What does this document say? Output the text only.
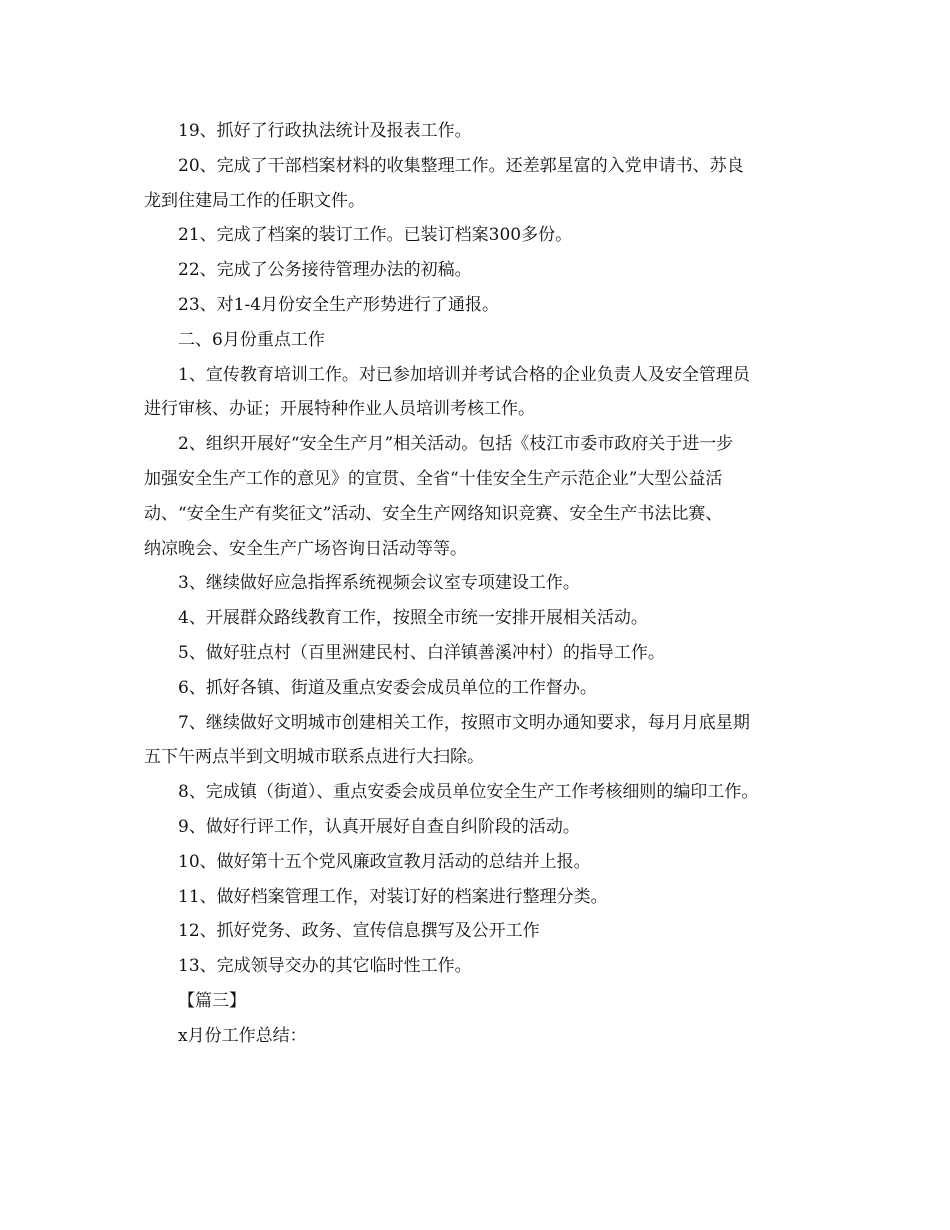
19、抓好了行政执法统计及报表工作。
20、完成了干部档案材料的收集整理工作。还差郭星富的入党申请书、苏良
龙到住建局工作的任职文件。
21、完成了档案的装订工作。已装订档案300多份。
22、完成了公务接待管理办法的初稿。
23、对1-4月份安全生产形势进行了通报。
二、6月份重点工作
1、宣传教育培训工作。对已参加培训并考试合格的企业负责人及安全管理员
进行审核、办证；开展特种作业人员培训考核工作。
2、组织开展好“安全生产月”相关活动。包括《枝江市委市政府关于进一步
加强安全生产工作的意见》的宣贯、全省“十佳安全生产示范企业”大型公益活
动、“安全生产有奖征文”活动、安全生产网络知识竞赛、安全生产书法比赛、
纳凉晚会、安全生产广场咨询日活动等等。
3、继续做好应急指挥系统视频会议室专项建设工作。
4、开展群众路线教育工作，按照全市统一安排开展相关活动。
5、做好驻点村（百里洲建民村、白洋镇善溪冲村）的指导工作。
6、抓好各镇、街道及重点安委会成员单位的工作督办。
7、继续做好文明城市创建相关工作，按照市文明办通知要求，每月月底星期
五下午两点半到文明城市联系点进行大扫除。
8、完成镇（街道）、重点安委会成员单位安全生产工作考核细则的编印工作。
9、做好行评工作，认真开展好自查自纠阶段的活动。
10、做好第十五个党风廉政宣教月活动的总结并上报。
11、做好档案管理工作，对装订好的档案进行整理分类。
12、抓好党务、政务、宣传信息撰写及公开工作
13、完成领导交办的其它临时性工作。
【篇三】
x月份工作总结：
